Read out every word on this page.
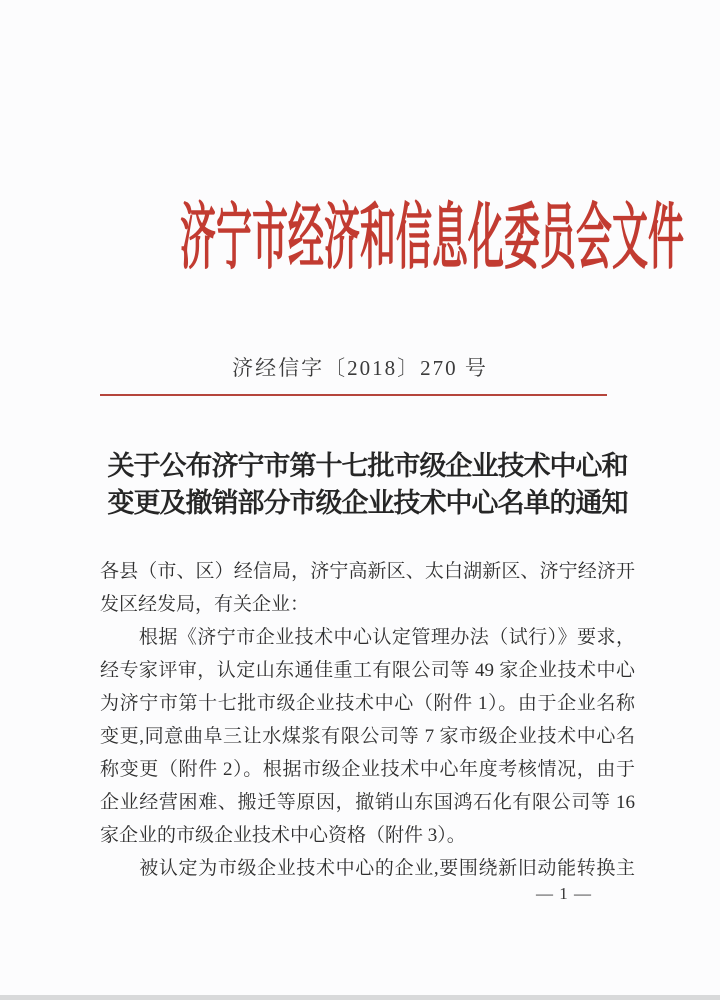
济宁市经济和信息化委员会文件
济经信字〔2018〕270 号
关于公布济宁市第十七批市级企业技术中心和
变更及撤销部分市级企业技术中心名单的通知
各县（市、区）经信局，济宁高新区、太白湖新区、济宁经济开
发区经发局，有关企业：
　　根据《济宁市企业技术中心认定管理办法（试行）》要求，
经专家评审，认定山东通佳重工有限公司等 49 家企业技术中心
为济宁市第十七批市级企业技术中心（附件 1）。由于企业名称
变更,同意曲阜三让水煤浆有限公司等 7 家市级企业技术中心名
称变更（附件 2）。根据市级企业技术中心年度考核情况，由于
企业经营困难、搬迁等原因，撤销山东国鸿石化有限公司等 16
家企业的市级企业技术中心资格（附件 3）。
　　被认定为市级企业技术中心的企业,要围绕新旧动能转换主
— 1 —
